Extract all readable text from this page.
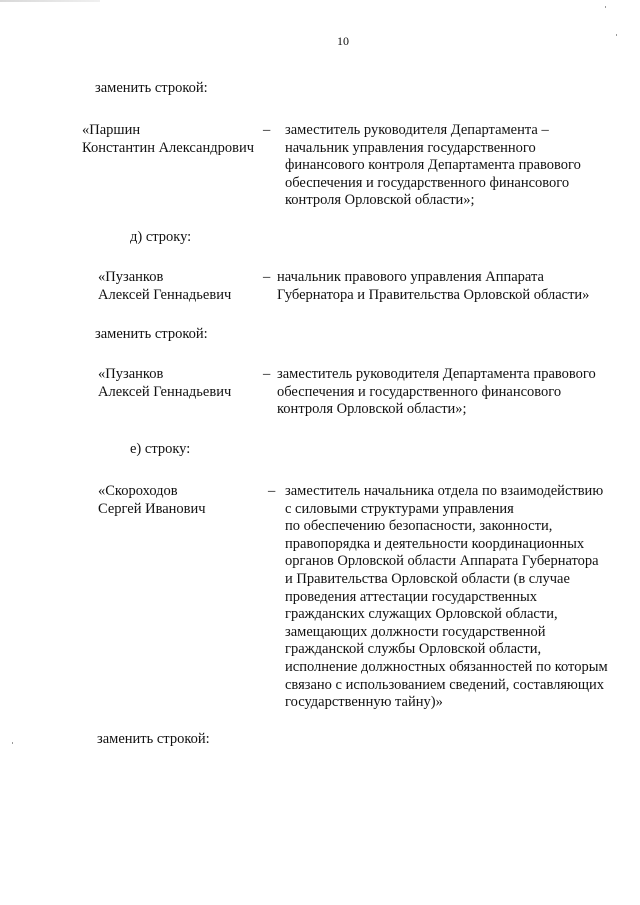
10
заменить строкой:
«Паршин
Константин Александрович
– заместитель руководителя Департамента –
начальник управления государственного
финансового контроля Департамента правового
обеспечения и государственного финансового
контроля Орловской области»;
д) строку:
«Пузанков
Алексей Геннадьевич
– начальник правового управления Аппарата
Губернатора и Правительства Орловской области»
заменить строкой:
«Пузанков
Алексей Геннадьевич
– заместитель руководителя Департамента правового
обеспечения и государственного финансового
контроля Орловской области»;
е) строку:
«Скороходов
Сергей Иванович
– заместитель начальника отдела по взаимодействию
с силовыми структурами управления
по обеспечению безопасности, законности,
правопорядка и деятельности координационных
органов Орловской области Аппарата Губернатора
и Правительства Орловской области (в случае
проведения аттестации государственных
гражданских служащих Орловской области,
замещающих должности государственной
гражданской службы Орловской области,
исполнение должностных обязанностей по которым
связано с использованием сведений, составляющих
государственную тайну)»
заменить строкой:
